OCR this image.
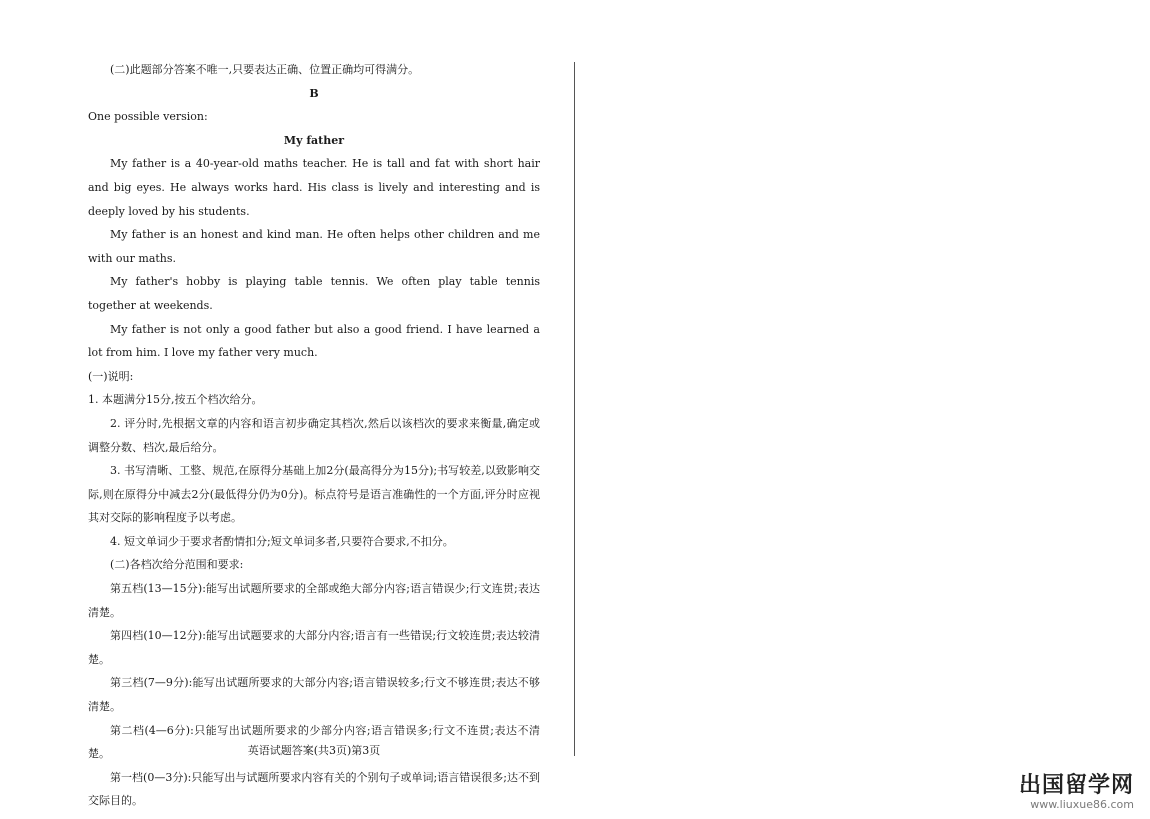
(二)此题部分答案不唯一,只要表达正确、位置正确均可得满分。

B

One possible version:

My father

My father is a 40-year-old maths teacher. He is tall and fat with short hair and big eyes. He always works hard. His class is lively and interesting and is deeply loved by his students.

My father is an honest and kind man. He often helps other children and me with our maths.

My father's hobby is playing table tennis. We often play table tennis together at weekends.

My father is not only a good father but also a good friend. I have learned a lot from him. I love my father very much.

(一)说明:

1. 本题满分15分,按五个档次给分。

2. 评分时,先根据文章的内容和语言初步确定其档次,然后以该档次的要求来衡量,确定或调整分数、档次,最后给分。

3. 书写清晰、工整、规范,在原得分基础上加2分(最高得分为15分);书写较差,以致影响交际,则在原得分中减去2分(最低得分仍为0分)。标点符号是语言准确性的一个方面,评分时应视其对交际的影响程度予以考虑。

4. 短文单词少于要求者酌情扣分;短文单词多者,只要符合要求,不扣分。

(二)各档次给分范围和要求:

第五档(13—15分):能写出试题所要求的全部或绝大部分内容;语言错误少;行文连贯;表达清楚。

第四档(10—12分):能写出试题要求的大部分内容;语言有一些错误;行文较连贯;表达较清楚。

第三档(7—9分):能写出试题所要求的大部分内容;语言错误较多;行文不够连贯;表达不够清楚。

第二档(4—6分):只能写出试题所要求的少部分内容;语言错误多;行文不连贯;表达不清楚。

第一档(0—3分):只能写出与试题所要求内容有关的个别句子或单词;语言错误很多;达不到交际目的。

英语试题答案(共3页)第3页
出国留学网
www.liuxue86.com
